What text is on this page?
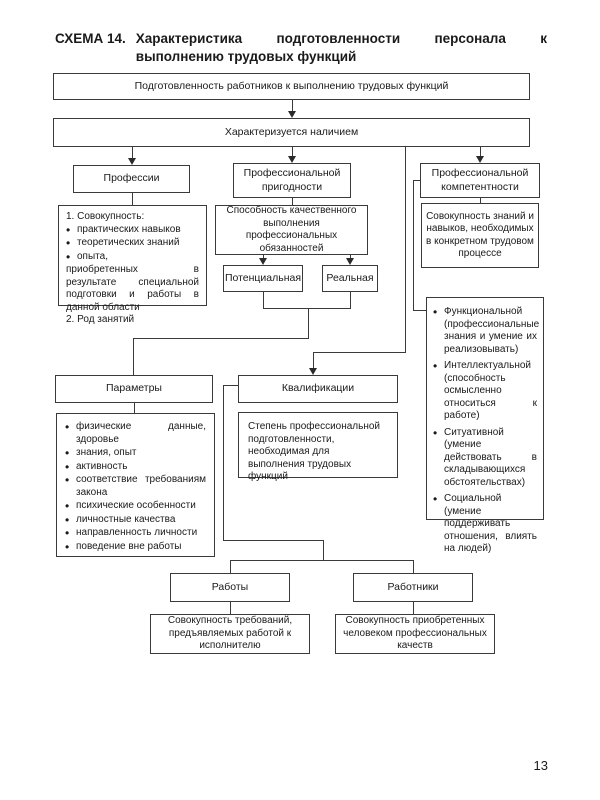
СХЕМА 14. Характеристика подготовленности персонала к выполнению трудовых функций
Подготовленность работников к выполнению трудовых функций
Характеризуется наличием
Профессии	Профессиональной пригодности
Профессиональной компетентности
1. Совокупность:
• практических навыков
• теоретических знаний
• опыта,
приобретенных в результате специальной подготовки и работы в данной области
2. Род занятий
Способность качественного выполнения профессиональных обязанностей
Потенциальная Реальная
Совокупность знаний и навыков, необходимых в конкретном трудовом процессе
• Функциональной (профессиональные знания и умение их реализовывать)
• Интеллектуальной (способность осмысленно относиться к работе)
• Ситуативной (умение действовать в складывающихся обстоятельствах)
• Социальной (умение поддерживать отношения, влиять на людей)
Параметры
• физические данные, здоровье
• знания, опыт
• активность
• соответствие требованиям закона
• психические особенности
• личностные качества
• направленность личности
• поведение вне работы
Квалификации
Степень профессиональной подготовленности, необходимая для выполнения трудовых функций
Работы	Работники
Совокупность требований, предъявляемых работой к исполнителю
Совокупность приобретенных человеком профессиональных качеств
13
